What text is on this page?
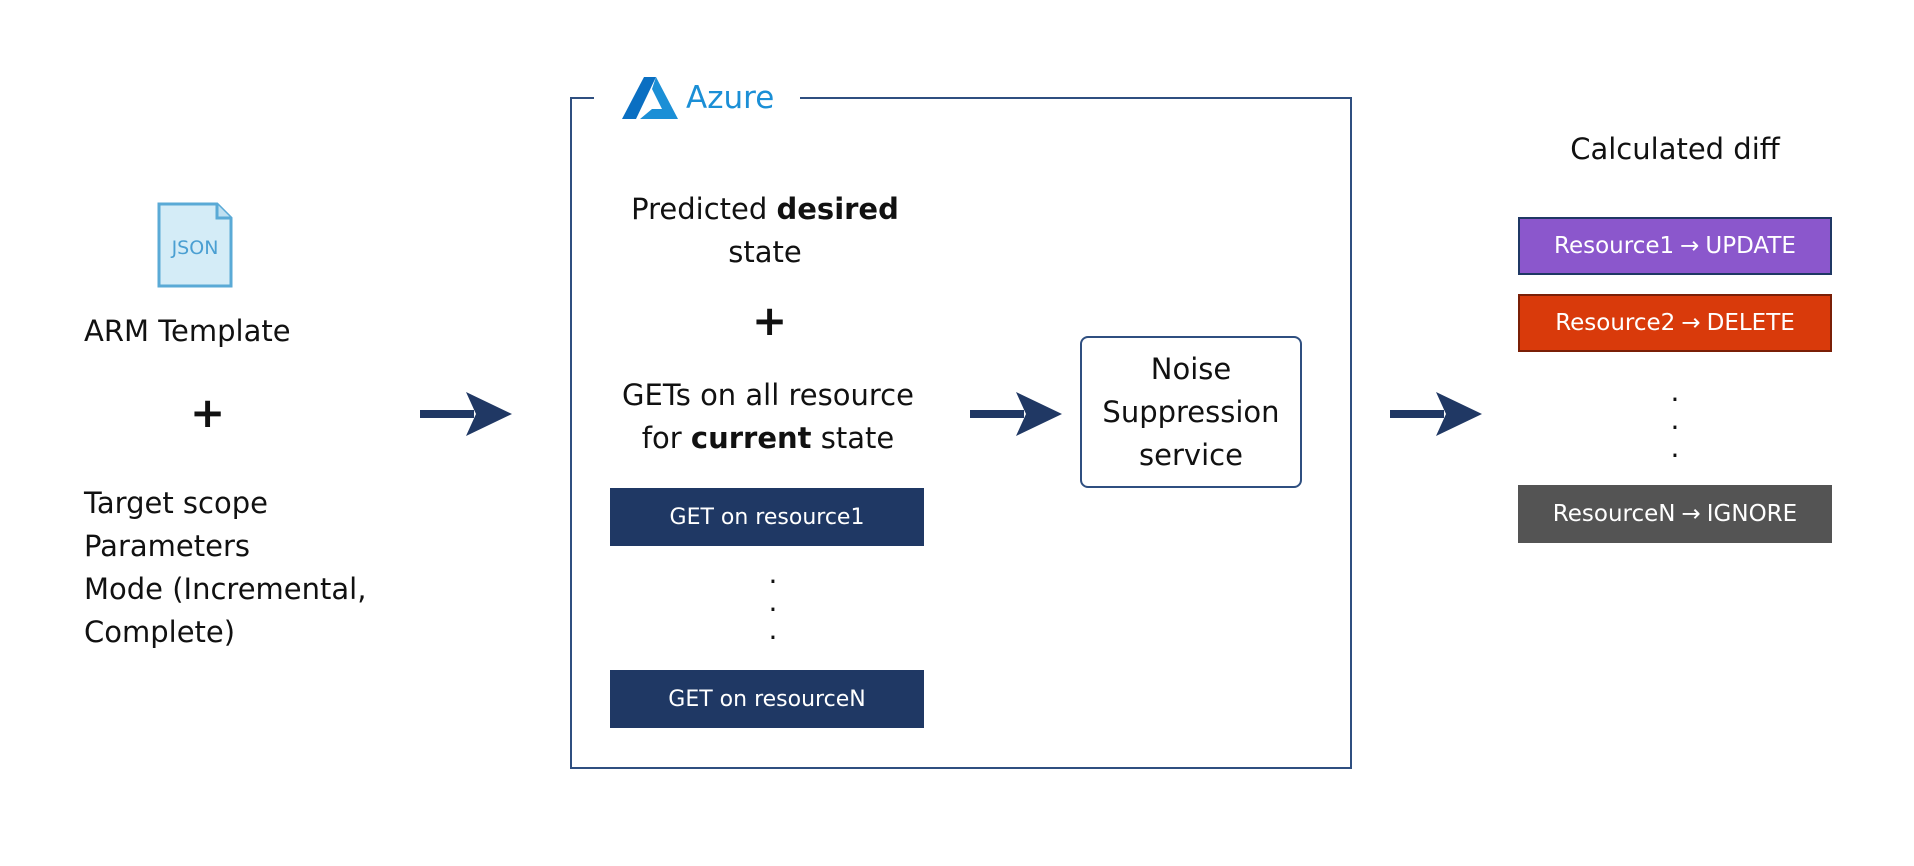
JSON
ARM Template
+
Target scope
Parameters
Mode (Incremental,
Complete)
Azure
Predicted desired
state
+
GETs on all resource
for current state
GET on resource1
.
.
.
GET on resourceN
Noise
Suppression
service
Calculated diff
Resource1 → UPDATE
Resource2 → DELETE
.
.
.
ResourceN → IGNORE
